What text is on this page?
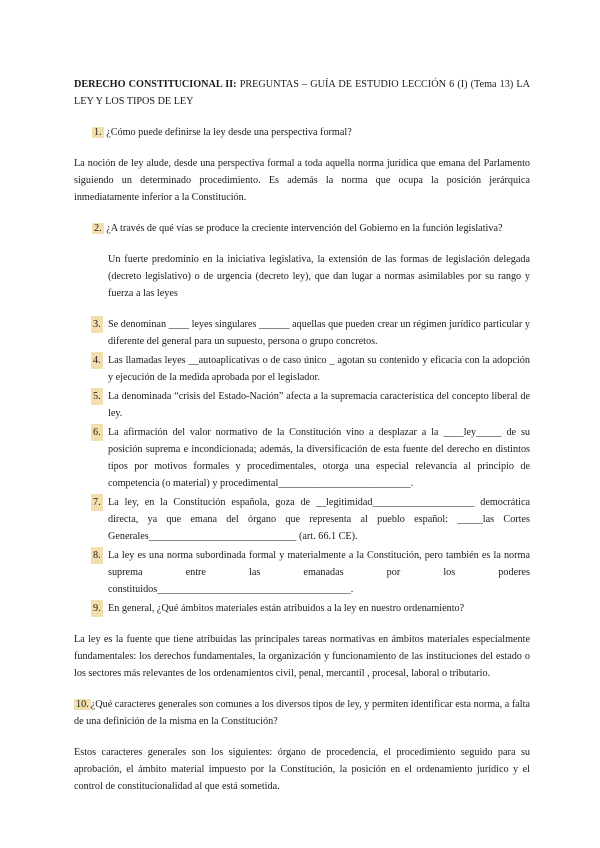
DERECHO CONSTITUCIONAL II: PREGUNTAS – GUÍA DE ESTUDIO LECCIÓN 6 (I) (Tema 13) LA LEY Y LOS TIPOS DE LEY

1. ¿Cómo puede definirse la ley desde una perspectiva formal?

La noción de ley alude, desde una perspectiva formal a toda aquella norma jurídica que emana del Parlamento siguiendo un determinado procedimiento. Es además la norma que ocupa la posición jerárquica inmediatamente inferior a la Constitución.

2. ¿A través de qué vías se produce la creciente intervención del Gobierno en la función legislativa?

Un fuerte predominio en la iniciativa legislativa, la extensión de las formas de legislación delegada (decreto legislativo) o de urgencia (decreto ley), que dan lugar a normas asimilables por su rango y fuerza a las leyes

3. Se denominan ____ leyes singulares ______ aquellas que pueden crear un régimen jurídico particular y diferente del general para un supuesto, persona o grupo concretos.
4. Las llamadas leyes __autoaplicativas o de caso único _ agotan su contenido y eficacia con la adopción y ejecución de la medida aprobada por el legislador.
5. La denominada “crisis del Estado-Nación” afecta a la supremacía característica del concepto liberal de ley.
6. La afirmación del valor normativo de la Constitución vino a desplazar a la ____ley_____ de su posición suprema e incondicionada; además, la diversificación de esta fuente del derecho en distintos tipos por motivos formales y procedimentales, otorga una especial relevancia al principio de competencia (o material) y procedimental__________________________.
7. La ley, en la Constitución española, goza de __legitimidad____________________ democrática directa, ya que emana del órgano que representa al pueblo español: _____las Cortes Generales_____________________________ (art. 66.1 CE).
8. La ley es una norma subordinada formal y materialmente a la Constitución, pero también es la norma suprema entre las emanadas por los poderes constituidos______________________________________.
9. En general, ¿Qué ámbitos materiales están atribuidos a la ley en nuestro ordenamiento?

La ley es la fuente que tiene atribuidas las principales tareas normativas en ámbitos materiales especialmente fundamentales: los derechos fundamentales, la organización y funcionamiento de las instituciones del estado o los sectores más relevantes de los ordenamientos civil, penal, mercantil , procesal, laboral o tributario.

10. ¿Qué caracteres generales son comunes a los diversos tipos de ley, y permiten identificar esta norma, a falta de una definición de la misma en la Constitución?

Estos caracteres generales son los siguientes: órgano de procedencia, el procedimiento seguido para su aprobación, el ámbito material impuesto por la Constitución, la posición en el ordenamiento jurídico y el control de constitucionalidad al que está sometida.
